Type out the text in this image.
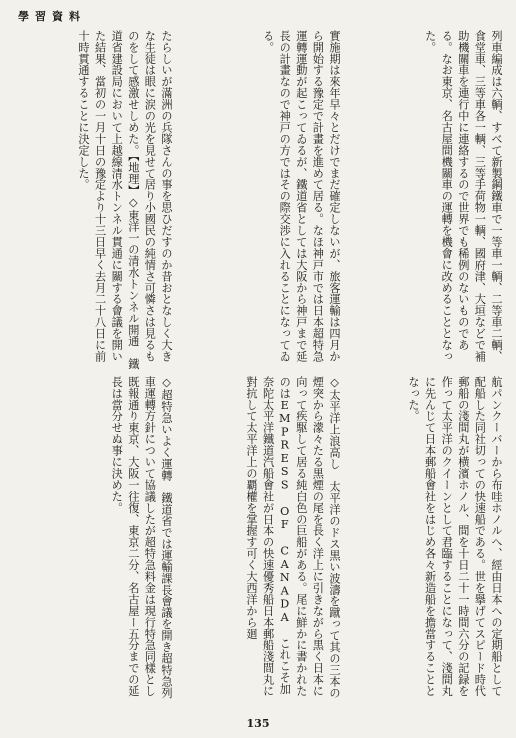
學習資料
列車編成は六輌、すべて新製鋼鐵車で一等車一輌、二等車二輌、食堂車、三等車各一輌、三等手荷物一輌、國府津、大垣などで補助機關車を連行中に連絡するので世界でも稀例のないものである。なお東京、名古屋間機關車の運轉を機會に改めることとなった。
航パンクーバーから布哇ホノルへ、經由日本への定期船として配船した同社切っての快速船である。世を擧げてスピード時代郵船の淺間丸が横濱ホノル、間を十日二十一時間六分の記録を作って太平洋のクイーンとして君臨することになって、淺間丸に先んじて日本郵船會社をはじめ各々新造船を擔當することとなった。
實施期は來年早々とだけでまだ確定しないが、旅客運輸は四月から開始する豫定で計畫を進めて居る。なほ神戸市では日本超特急運轉運動が起こってゐるが、鐵道省としては大阪から神戸まで延長の計畫なので神戸の方ではその際交渉に入れることになってゐる。
◇太平洋上浪高し　太平洋のドス黒い波濤を蹴って其の三本の煙突から濛々たる黒煙の尾を長く洋上に引きながら黒く日本に向って疾駆して居る純白色の巨船がある。尾に鮮かに書かれたのはEMPRESS OF CANADA これこそ加奈陀太平洋鐵道汽船會社が日本の快速優秀船日本郵船淺間丸に對抗して太平洋上の覇權を掌握す可く大西洋から廻
たらしいが滿洲の兵隊さんの事を思ひだすのか昔おとなしく大きな生徒は眼に涙の光を見せて居り小國民の純情さ可憐さは見るものをして感激せしめた。【地理】◇東洋一の清水トンネル開通　鐵道省建設局において上越線清水トンネル貫通に關する會議を開いた結果、當初の一月十日の豫定より十三日早く去月二十八日に前十時貫通することに決定した。
◇超特急いよく運轉　鐵道省では運輸課長會議を開き超特急列車運轉方針について協議したが超特急料金は現行特急同樣とし既報通り東京、大阪一往復、東京二分、名古屋ー五分までの延長は當分せぬ事に決めた。
135
